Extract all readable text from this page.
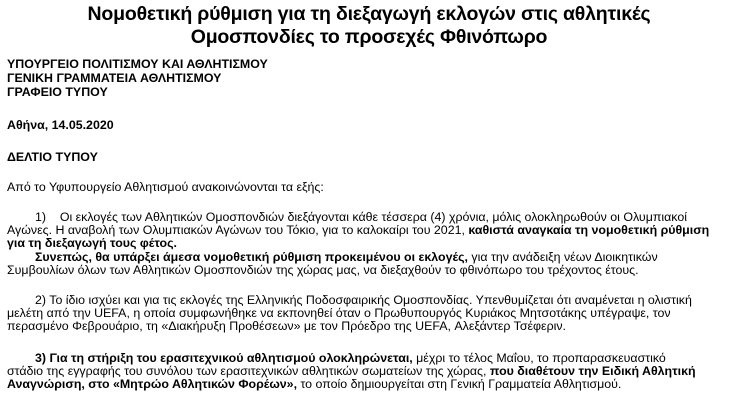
Νομοθετική ρύθμιση για τη διεξαγωγή εκλογών στις αθλητικές
Ομοσπονδίες το προσεχές Φθινόπωρο
ΥΠΟΥΡΓΕΙΟ ΠΟΛΙΤΙΣΜΟΥ ΚΑΙ ΑΘΛΗΤΙΣΜΟΥ
ΓΕΝΙΚΗ ΓΡΑΜΜΑΤΕΙΑ ΑΘΛΗΤΙΣΜΟΥ
ΓΡΑΦΕΙΟ ΤΥΠΟΥ
Αθήνα, 14.05.2020
ΔΕΛΤΙΟ ΤΥΠΟΥ
Από το Υφυπουργείο Αθλητισμού ανακοινώνονται τα εξής:
1) Οι εκλογές των Αθλητικών Ομοσπονδιών διεξάγονται κάθε τέσσερα (4) χρόνια, μόλις ολοκληρωθούν οι Ολυμπιακοί
Αγώνες. Η αναβολή των Ολυμπιακών Αγώνων του Τόκιο, για το καλοκαίρι του 2021, καθιστά αναγκαία τη νομοθετική ρύθμιση
για τη διεξαγωγή τους φέτος.
Συνεπώς, θα υπάρξει άμεσα νομοθετική ρύθμιση προκειμένου οι εκλογές, για την ανάδειξη νέων Διοικητικών
Συμβουλίων όλων των Αθλητικών Ομοσπονδιών της χώρας μας, να διεξαχθούν το φθινόπωρο του τρέχοντος έτους.
2) Το ίδιο ισχύει και για τις εκλογές της Ελληνικής Ποδοσφαιρικής Ομοσπονδίας. Υπενθυμίζεται ότι αναμένεται η ολιστική
μελέτη από την UEFA, η οποία συμφωνήθηκε να εκπονηθεί όταν ο Πρωθυπουργός Κυριάκος Μητσοτάκης υπέγραψε, τον
περασμένο Φεβρουάριο, τη «Διακήρυξη Προθέσεων» με τον Πρόεδρο της UEFA, Αλεξάντερ Τσέφεριν.
3) Για τη στήριξη του ερασιτεχνικού αθλητισμού ολοκληρώνεται, μέχρι το τέλος Μαΐου, το προπαρασκευαστικό
στάδιο της εγγραφής του συνόλου των ερασιτεχνικών αθλητικών σωματείων της χώρας, που διαθέτουν την Ειδική Αθλητική
Αναγνώριση, στο «Μητρώο Αθλητικών Φορέων», το οποίο δημιουργείται στη Γενική Γραμματεία Αθλητισμού.
